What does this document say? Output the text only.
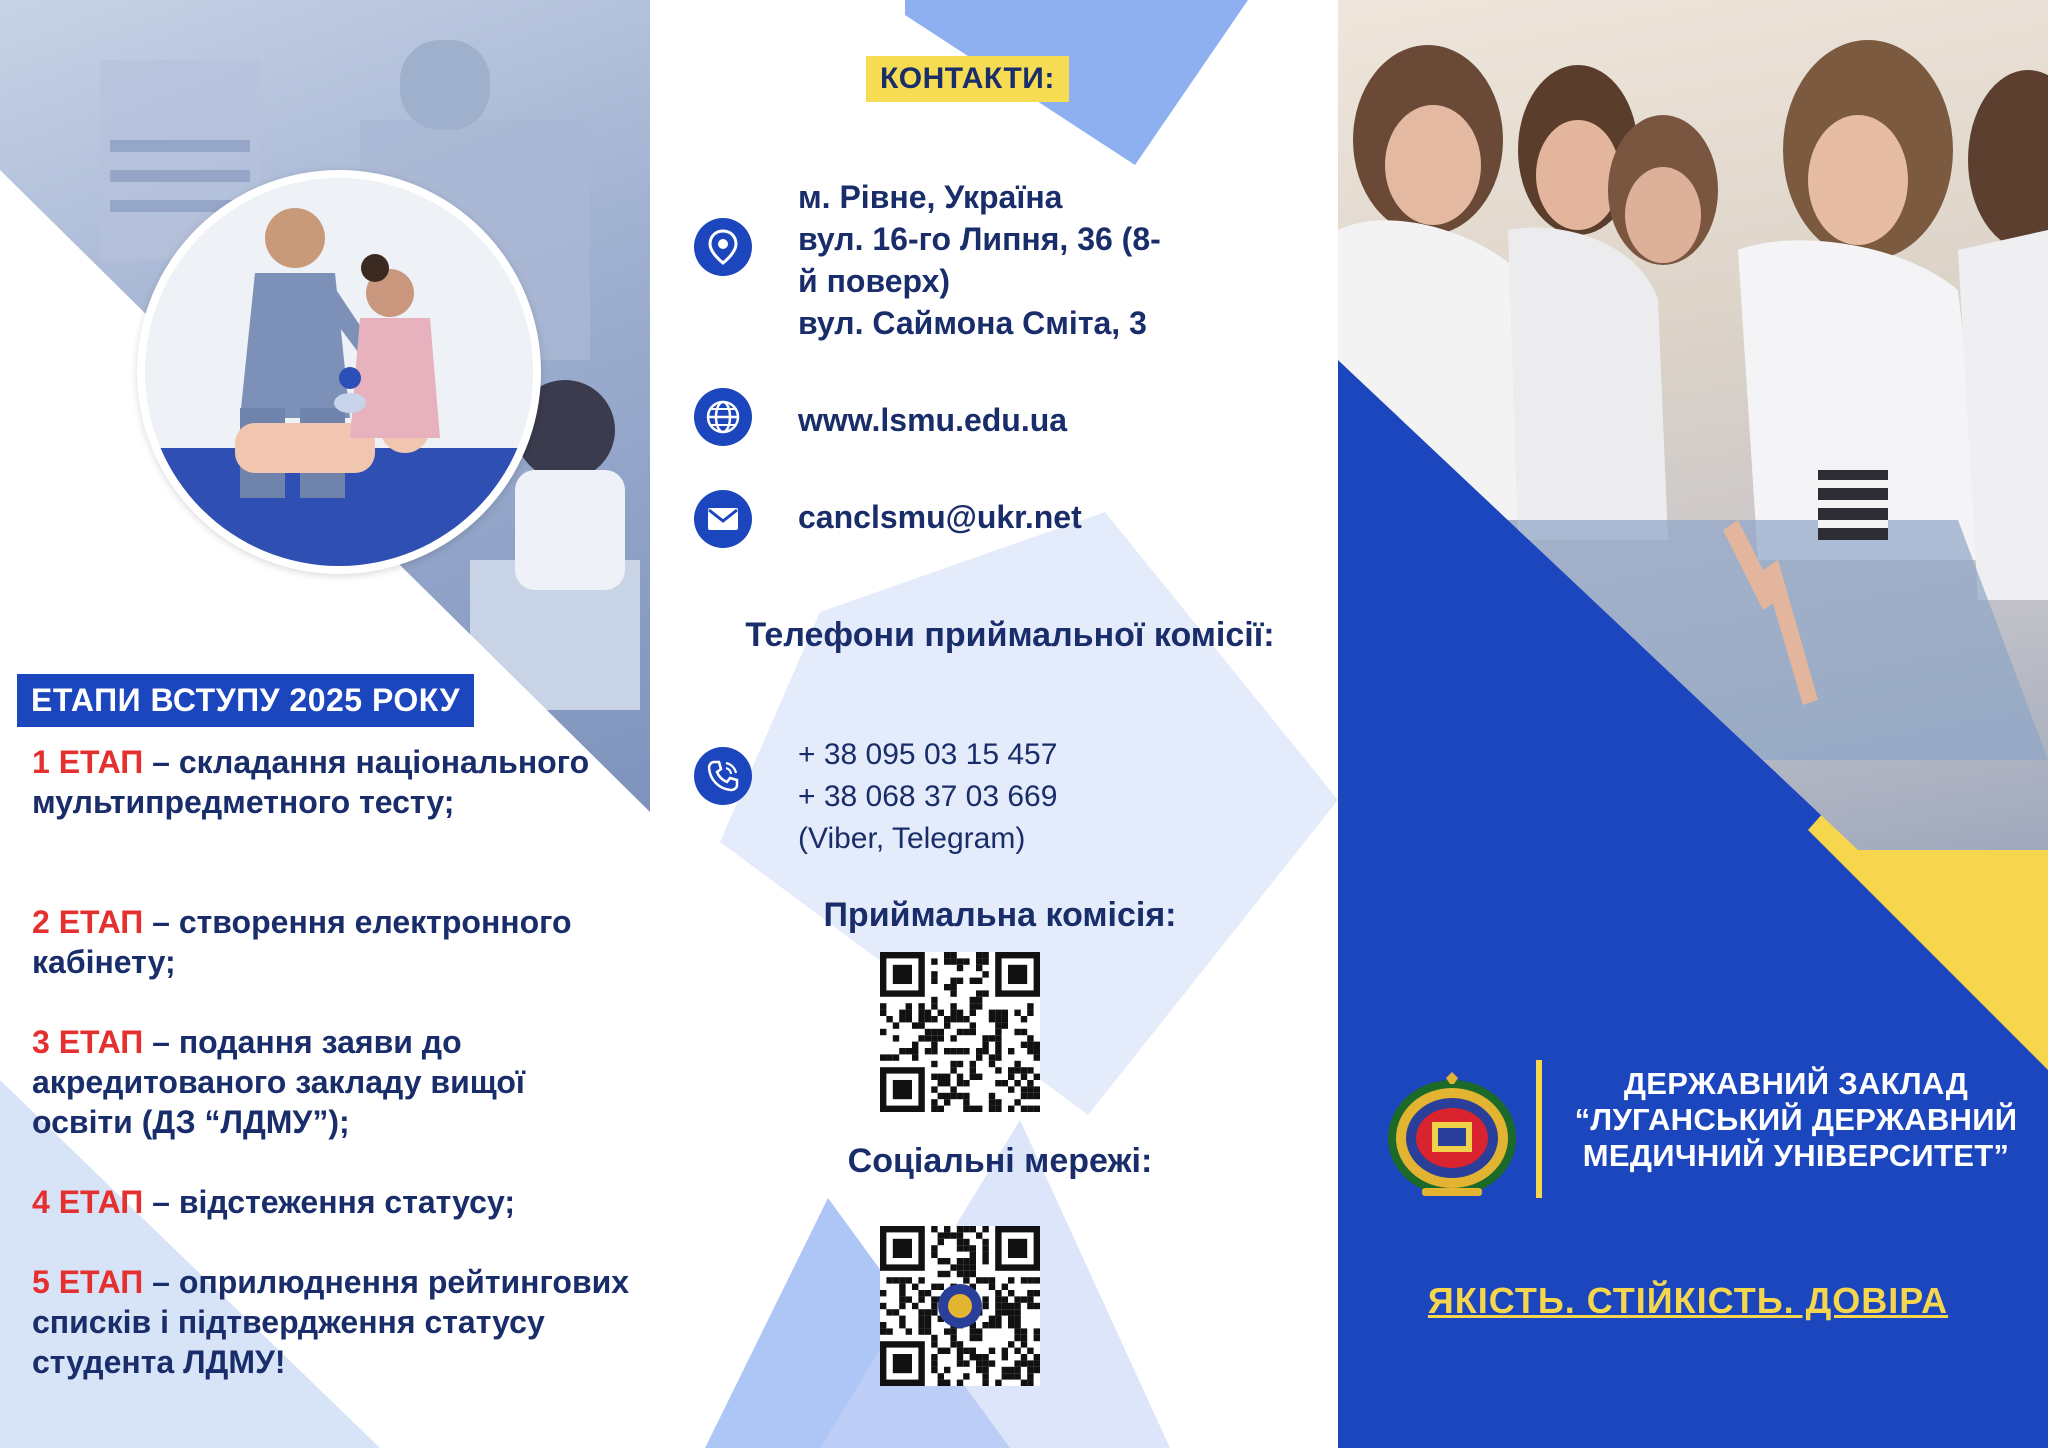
ЕТАПИ ВСТУПУ 2025 РОКУ
1 ЕТАП – складання національного мультипредметного тесту;
2 ЕТАП – створення електронного кабінету;
3 ЕТАП – подання заяви до акредитованого закладу вищої освіти (ДЗ “ЛДМУ”);
4 ЕТАП – відстеження статусу;
5 ЕТАП – оприлюднення рейтингових списків і підтвердження статусу студента ЛДМУ!
КОНТАКТИ:
м. Рівне, Україна
вул. 16-го Липня, 36 (8-
й поверх)
вул. Саймона Сміта, 3
www.lsmu.edu.ua
canclsmu@ukr.net
Телефони приймальної комісії:
+ 38 095 03 15 457
+ 38 068 37 03 669
(Viber, Telegram)
Приймальна комісія:
Соціальні мережі:
ДЕРЖАВНИЙ ЗАКЛАД
“ЛУГАНСЬКИЙ ДЕРЖАВНИЙ
МЕДИЧНИЙ УНІВЕРСИТЕТ”
ЯКІСТЬ. СТІЙКІСТЬ. ДОВІРА
